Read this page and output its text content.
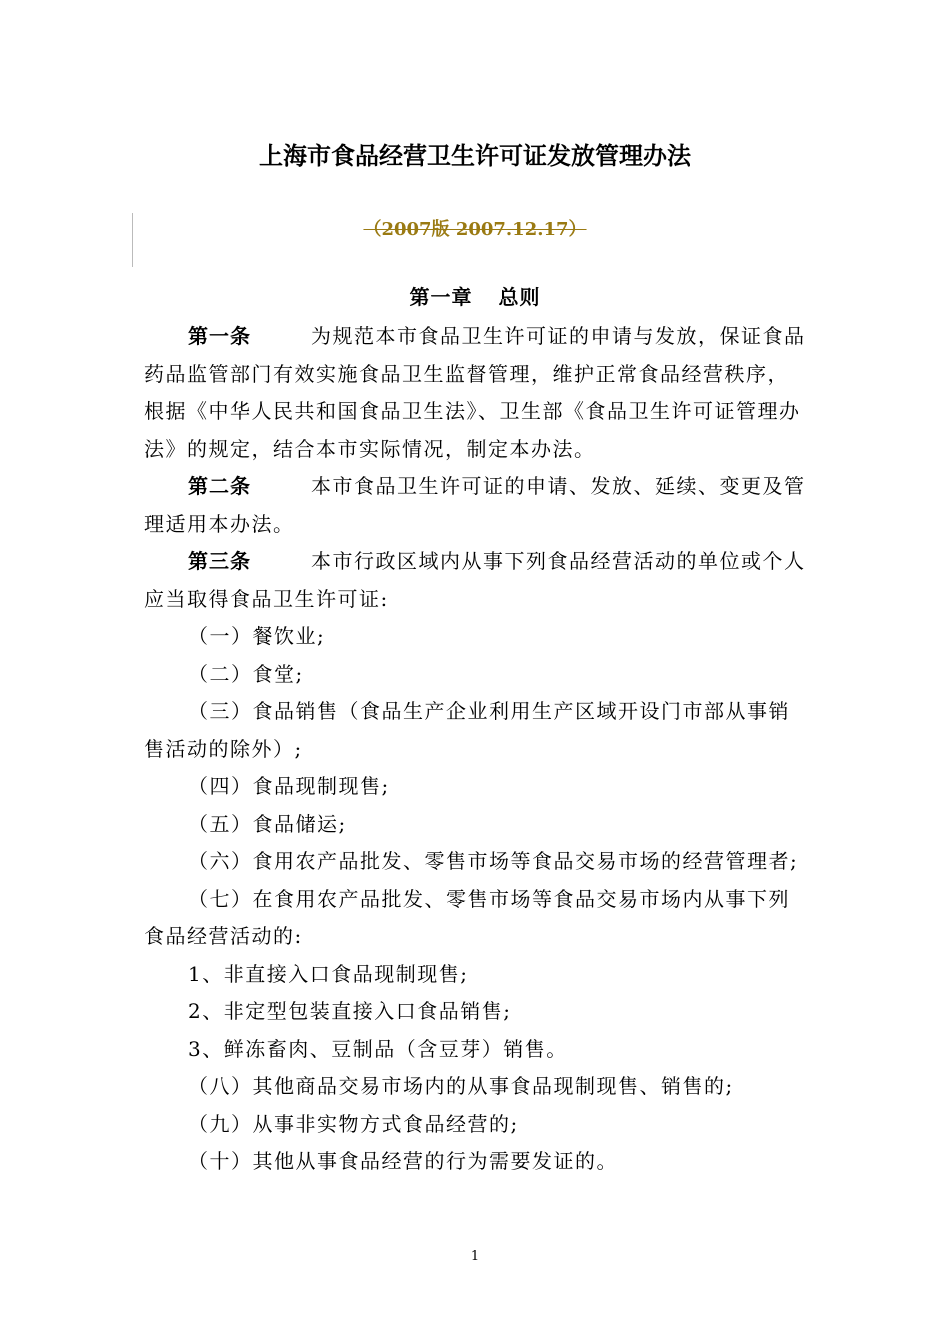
上海市食品经营卫生许可证发放管理办法
（2007版 2007.12.17）
第一章 总则

第一条	为规范本市食品卫生许可证的申请与发放，保证食品药品监管部门有效实施食品卫生监督管理，维护正常食品经营秩序，根据《中华人民共和国食品卫生法》、卫生部《食品卫生许可证管理办法》的规定，结合本市实际情况，制定本办法。

第二条	本市食品卫生许可证的申请、发放、延续、变更及管理适用本办法。

第三条	本市行政区域内从事下列食品经营活动的单位或个人应当取得食品卫生许可证:

（一）餐饮业;

（二）食堂;

（三）食品销售（食品生产企业利用生产区域开设门市部从事销售活动的除外）;

（四）食品现制现售;

（五）食品储运;

（六）食用农产品批发、零售市场等食品交易市场的经营管理者;

（七）在食用农产品批发、零售市场等食品交易市场内从事下列食品经营活动的:

1、非直接入口食品现制现售;

2、非定型包装直接入口食品销售;

3、鲜冻畜肉、豆制品（含豆芽）销售。

（八）其他商品交易市场内的从事食品现制现售、销售的;

（九）从事非实物方式食品经营的;

（十）其他从事食品经营的行为需要发证的。

1
